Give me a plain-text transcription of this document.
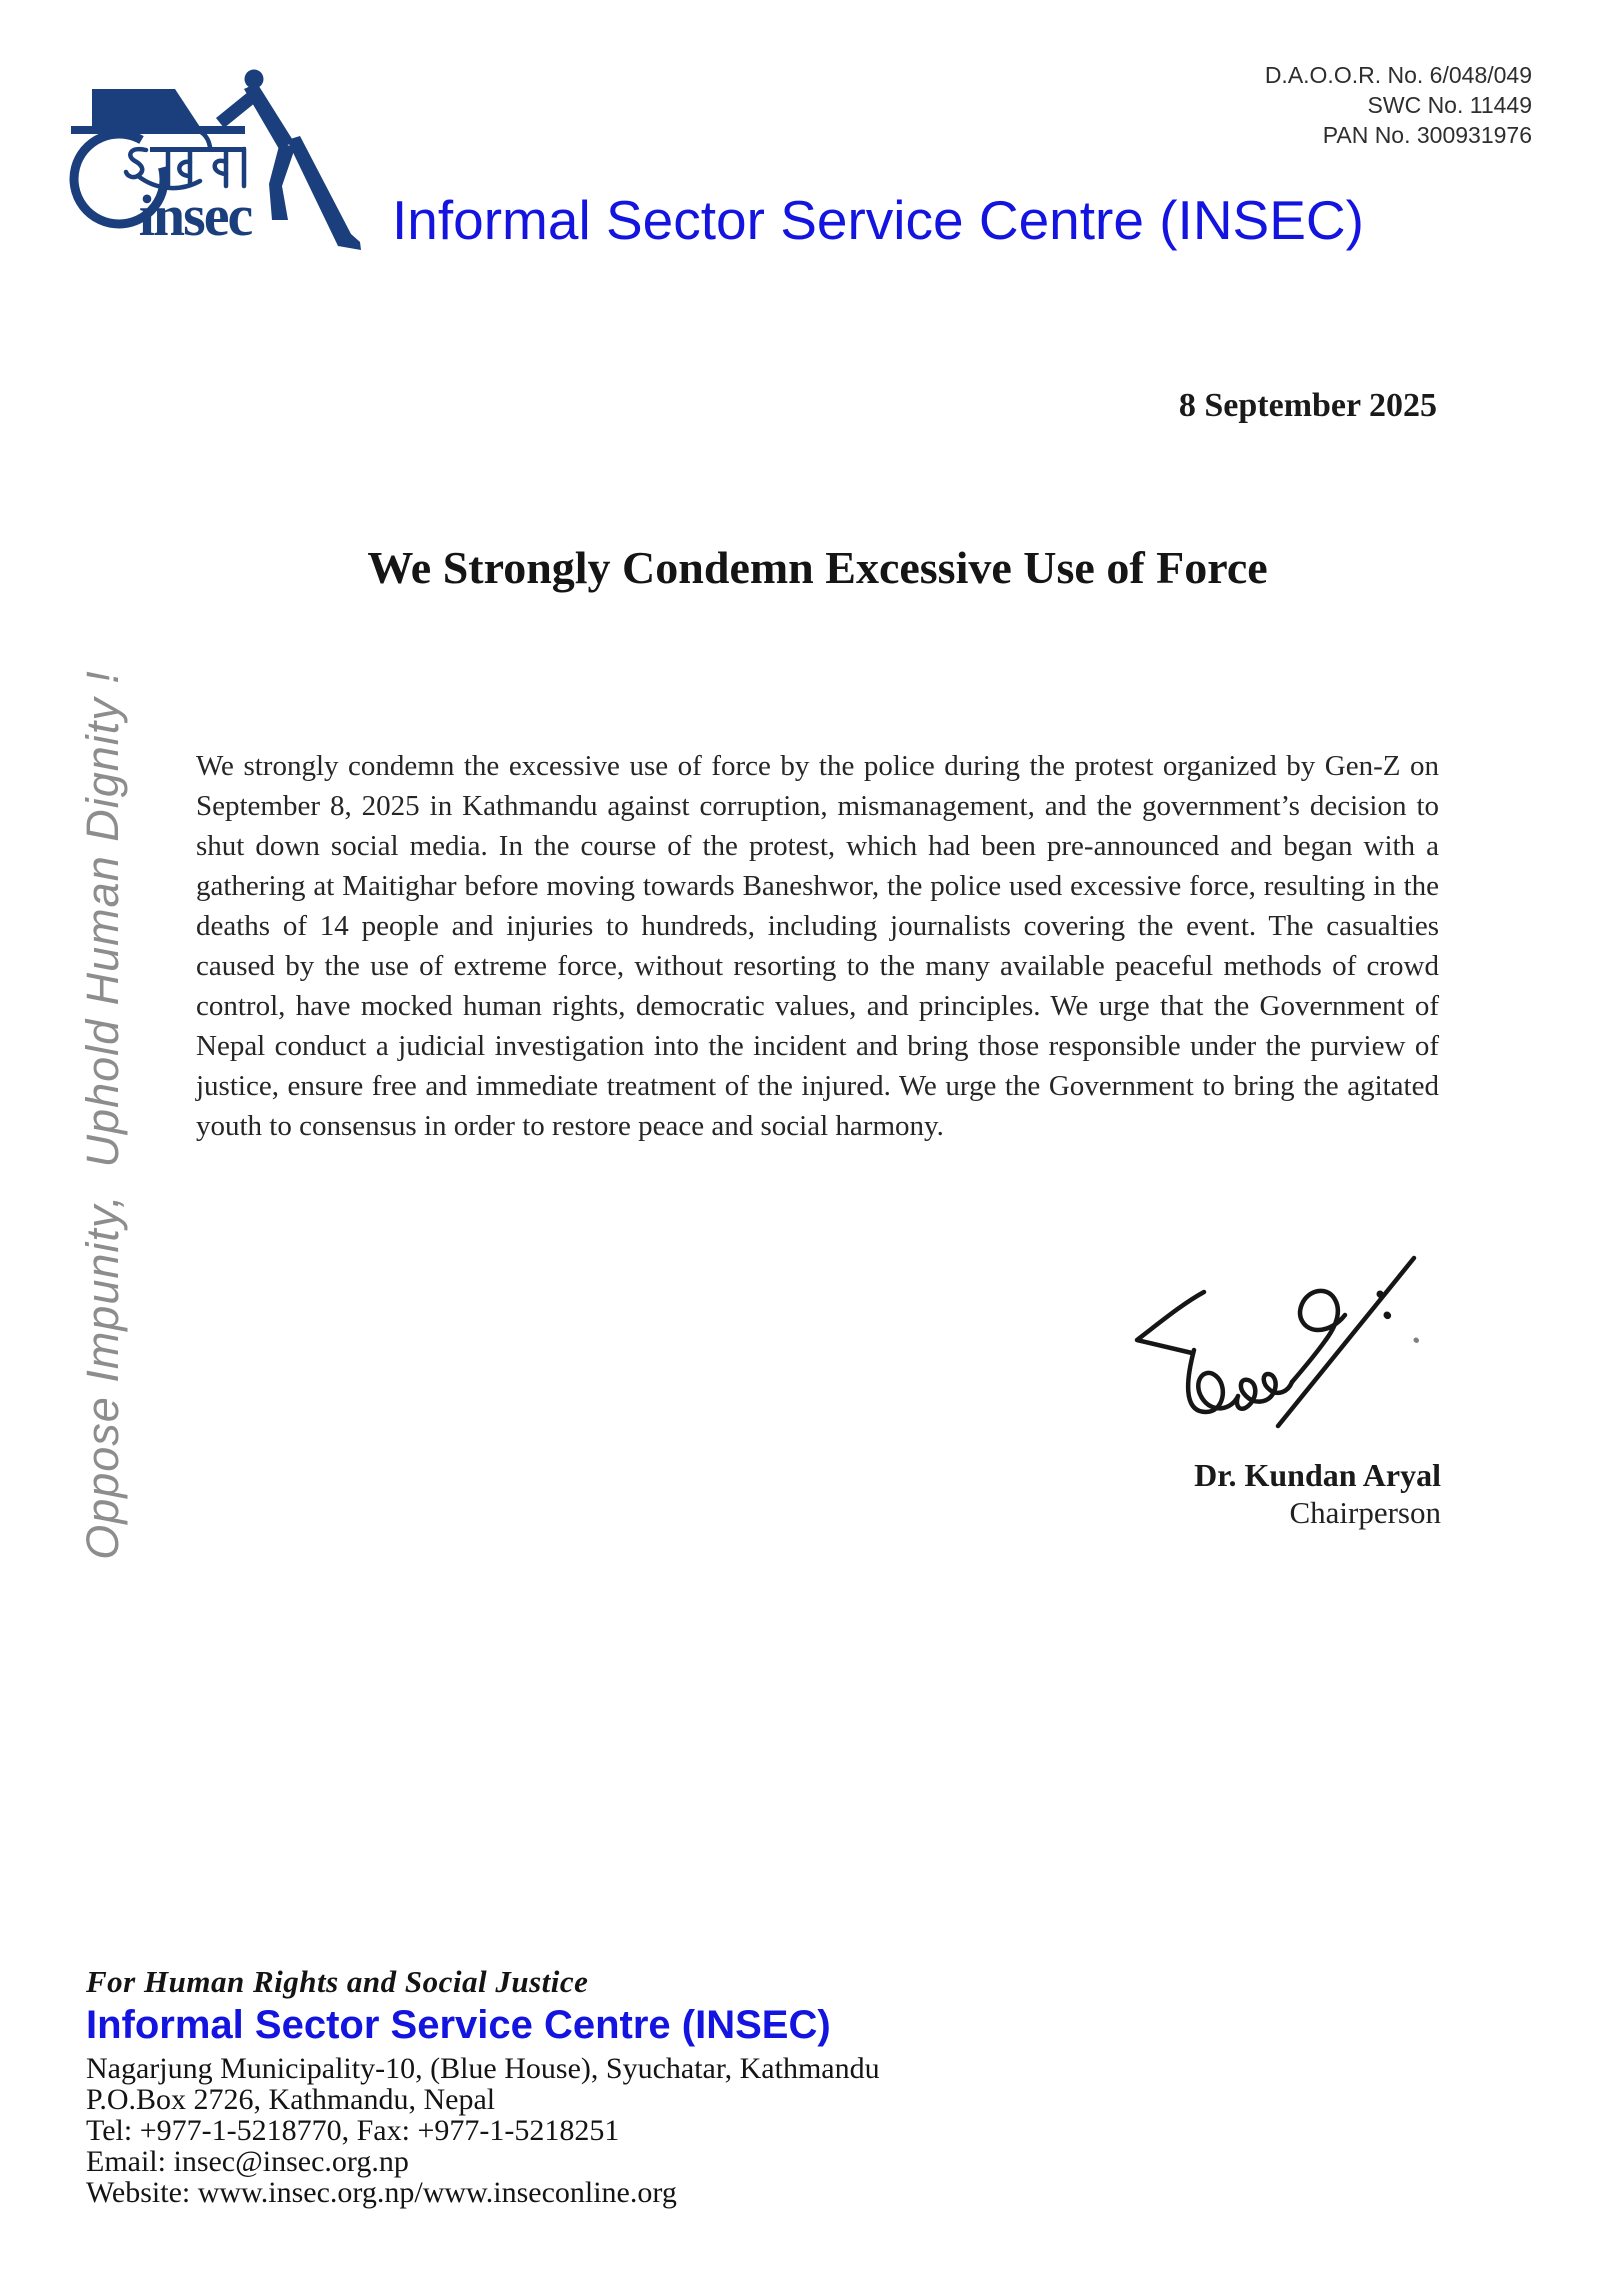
insec
D.A.O.O.R. No. 6/048/049
SWC No. 11449
PAN No. 300931976
Informal Sector Service Centre (INSEC)
8 September 2025
Oppose Impunity,  Uphold Human Dignity !
We Strongly Condemn Excessive Use of Force
We strongly condemn the excessive use of force by the police during the protest organized by Gen-Z on September 8, 2025 in Kathmandu against corruption, mismanagement, and the government’s decision to shut down social media. In the course of the protest, which had been pre-announced and began with a gathering at Maitighar before moving towards Baneshwor, the police used excessive force, resulting in the deaths of 14 people and injuries to hundreds, including journalists covering the event. The casualties caused by the use of extreme force, without resorting to the many available peaceful methods of crowd control, have mocked human rights, democratic values, and principles. We urge that the Government of Nepal conduct a judicial investigation into the incident and bring those responsible under the purview of justice, ensure free and immediate treatment of the injured. We urge the Government to bring the agitated youth to consensus in order to restore peace and social harmony.
Dr. Kundan Aryal
Chairperson
For Human Rights and Social Justice
Informal Sector Service Centre (INSEC)
Nagarjung Municipality-10, (Blue House), Syuchatar, Kathmandu
P.O.Box 2726, Kathmandu, Nepal
Tel: +977-1-5218770, Fax: +977-1-5218251
Email: insec@insec.org.np
Website: www.insec.org.np/www.inseconline.org
